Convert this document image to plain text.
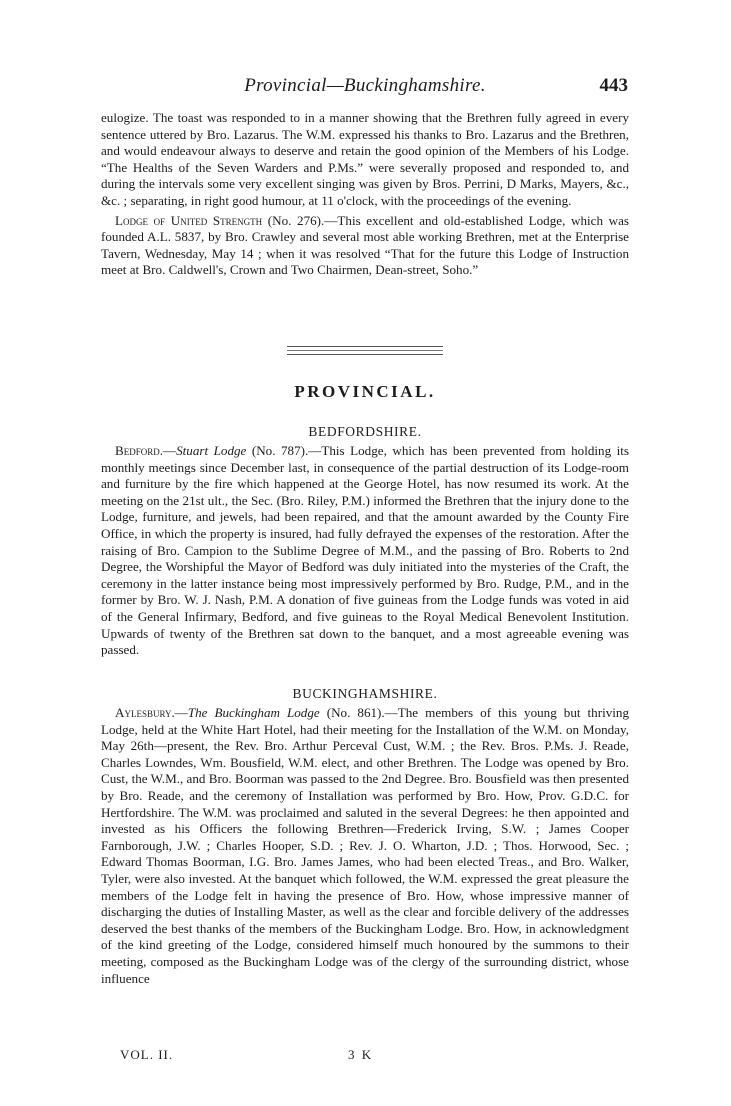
Provincial—Buckinghamshire.	443

eulogize. The toast was responded to in a manner showing that the Brethren fully agreed in every sentence uttered by Bro. Lazarus. The W.M. expressed his thanks to Bro. Lazarus and the Brethren, and would endeavour always to deserve and retain the good opinion of the Members of his Lodge. “The Healths of the Seven Warders and P.Ms.” were severally proposed and responded to, and during the intervals some very excellent singing was given by Bros. Perrini, D Marks, Mayers, &c., &c. ; separating, in right good humour, at 11 o'clock, with the proceedings of the evening.

Lodge of United Strength (No. 276).—This excellent and old-established Lodge, which was founded A.L. 5837, by Bro. Crawley and several most able working Brethren, met at the Enterprise Tavern, Wednesday, May 14 ; when it was resolved “That for the future this Lodge of Instruction meet at Bro. Caldwell's, Crown and Two Chairmen, Dean-street, Soho.”

PROVINCIAL.
BEDFORDSHIRE.

Bedford.—Stuart Lodge (No. 787).—This Lodge, which has been prevented from holding its monthly meetings since December last, in consequence of the partial destruction of its Lodge-room and furniture by the fire which happened at the George Hotel, has now resumed its work. At the meeting on the 21st ult., the Sec. (Bro. Riley, P.M.) informed the Brethren that the injury done to the Lodge, furniture, and jewels, had been repaired, and that the amount awarded by the County Fire Office, in which the property is insured, had fully defrayed the expenses of the restoration. After the raising of Bro. Campion to the Sublime Degree of M.M., and the passing of Bro. Roberts to 2nd Degree, the Worshipful the Mayor of Bedford was duly initiated into the mysteries of the Craft, the ceremony in the latter instance being most impressively performed by Bro. Rudge, P.M., and in the former by Bro. W. J. Nash, P.M. A donation of five guineas from the Lodge funds was voted in aid of the General Infirmary, Bedford, and five guineas to the Royal Medical Benevolent Institution. Upwards of twenty of the Brethren sat down to the banquet, and a most agreeable evening was passed.

BUCKINGHAMSHIRE.

Aylesbury.—The Buckingham Lodge (No. 861).—The members of this young but thriving Lodge, held at the White Hart Hotel, had their meeting for the Installation of the W.M. on Monday, May 26th—present, the Rev. Bro. Arthur Perceval Cust, W.M. ; the Rev. Bros. P.Ms. J. Reade, Charles Lowndes, Wm. Bousfield, W.M. elect, and other Brethren. The Lodge was opened by Bro. Cust, the W.M., and Bro. Boorman was passed to the 2nd Degree. Bro. Bousfield was then presented by Bro. Reade, and the ceremony of Installation was performed by Bro. How, Prov. G.D.C. for Hertfordshire. The W.M. was proclaimed and saluted in the several Degrees: he then appointed and invested as his Officers the following Brethren—Frederick Irving, S.W. ; James Cooper Farnborough, J.W. ; Charles Hooper, S.D. ; Rev. J. O. Wharton, J.D. ; Thos. Horwood, Sec. ; Edward Thomas Boorman, I.G. Bro. James James, who had been elected Treas., and Bro. Walker, Tyler, were also invested. At the banquet which followed, the W.M. expressed the great pleasure the members of the Lodge felt in having the presence of Bro. How, whose impressive manner of discharging the duties of Installing Master, as well as the clear and forcible delivery of the addresses deserved the best thanks of the members of the Buckingham Lodge. Bro. How, in acknowledgment of the kind greeting of the Lodge, considered himself much honoured by the summons to their meeting, composed as the Buckingham Lodge was of the clergy of the surrounding district, whose influence

VOL. II.	3 K
